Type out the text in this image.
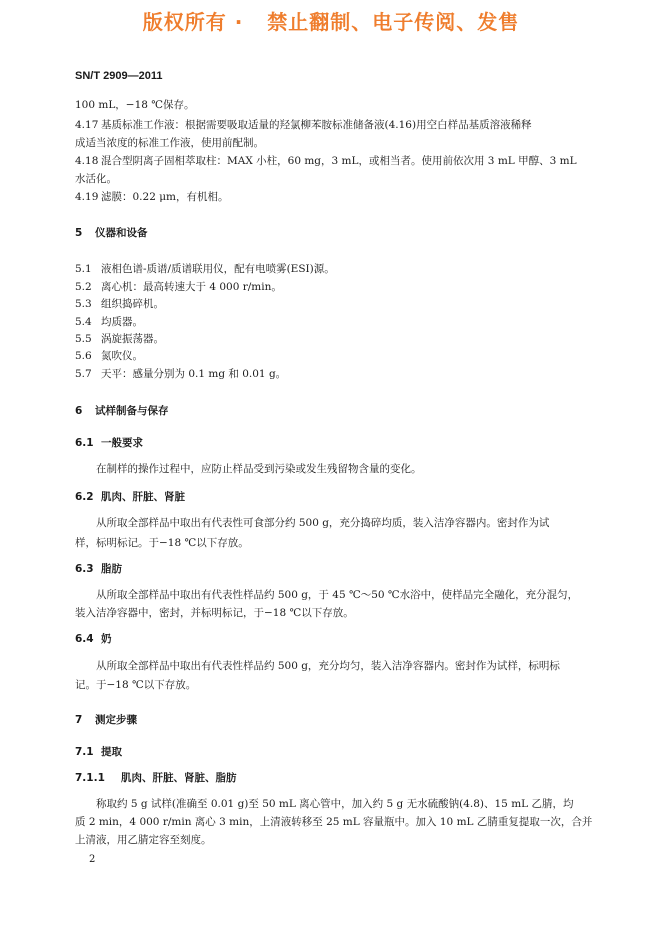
版权所有 ·   禁止翻制、电子传阅、发售
SN/T 2909—2011
100 mL，−18 ℃保存。
4.17 基质标准工作液：根据需要吸取适量的羟氯柳苯胺标准储备液(4.16)用空白样品基质溶液稀释
成适当浓度的标准工作液，使用前配制。
4.18 混合型阴离子固相萃取柱：MAX 小柱，60 mg，3 mL，或相当者。使用前依次用 3 mL 甲醇、3 mL
水活化。
4.19 滤膜：0.22 μm，有机相。
5 仪器和设备
5.1 液相色谱-质谱/质谱联用仪，配有电喷雾(ESI)源。
5.2 离心机：最高转速大于 4 000 r/min。
5.3 组织捣碎机。
5.4 均质器。
5.5 涡旋振荡器。
5.6 氮吹仪。
5.7 天平：感量分别为 0.1 mg 和 0.01 g。
6 试样制备与保存
6.1 一般要求
在制样的操作过程中，应防止样品受到污染或发生残留物含量的变化。
6.2 肌肉、肝脏、肾脏
从所取全部样品中取出有代表性可食部分约 500 g，充分捣碎均质，装入洁净容器内。密封作为试
样，标明标记。于−18 ℃以下存放。
6.3 脂肪
从所取全部样品中取出有代表性样品约 500 g，于 45 ℃～50 ℃水浴中，使样品完全融化，充分混匀，
装入洁净容器中，密封，并标明标记，于−18 ℃以下存放。
6.4 奶
从所取全部样品中取出有代表性样品约 500 g，充分均匀，装入洁净容器内。密封作为试样，标明标
记。于−18 ℃以下存放。
7 测定步骤
7.1 提取
7.1.1 肌肉、肝脏、肾脏、脂肪
称取约 5 g 试样(准确至 0.01 g)至 50 mL 离心管中，加入约 5 g 无水硫酸钠(4.8)、15 mL 乙腈，均
质 2 min，4 000 r/min 离心 3 min，上清液转移至 25 mL 容量瓶中。加入 10 mL 乙腈重复提取一次，合并
上清液，用乙腈定容至刻度。
2
